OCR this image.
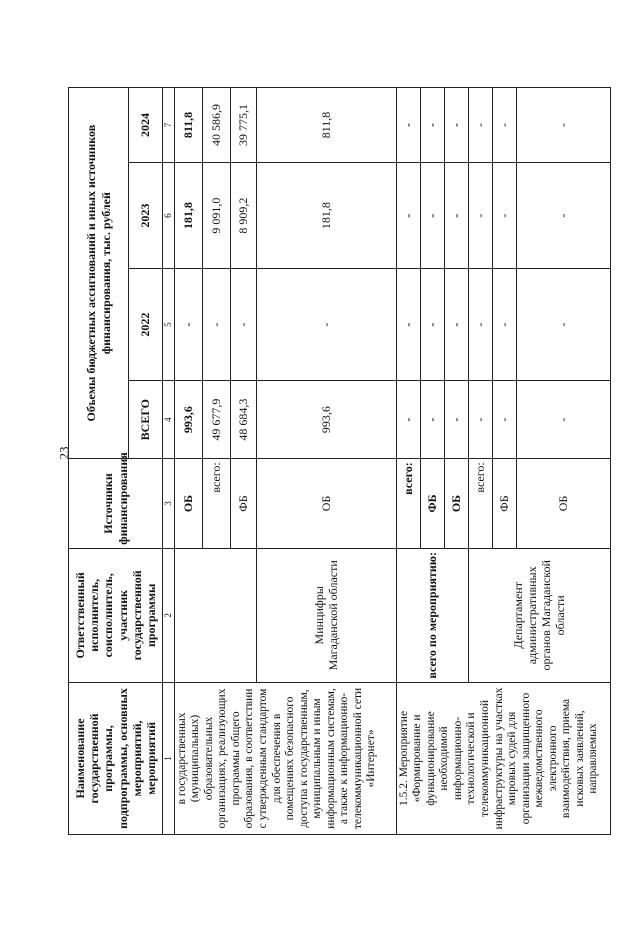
23
Наименование государственной программы, подпрограммы, основных мероприятий, мероприятий	Ответственный исполнитель, соисполнитель, участник государственной программы	Источники финансирования	Объемы бюджетных ассигнований и иных источников финансирования, тыс. рублей			
			ВСЕГО	2022	2023	2024
1	2	3	4	5	6	7
в государственных (муниципальных) образовательных организациях, реализующих программы общего образования, в соответствии с утвержденным стандартом для обеспечения в помещениях безопасного доступа к государственным, муниципальным и иным информационным системам, а также к информационно-телекоммуникационной сети «Интернет»		ОБ	993,6	-	181,8	811,8
		всего:	49 677,9	-	9 091,0	40 586,9
		ФБ	48 684,3	-	8 909,2	39 775,1
	Минцифры Магаданской области	ОБ	993,6	-	181,8	811,8
1.5.2. Мероприятие «Формирование и функционирование необходимой информационно-технологической и телекоммуникационной инфраструктуры на участках мировых судей для организации защищенного межведомственного электронного взаимодействия, приема исковых заявлений, направляемых	всего по мероприятию:	всего:	-	-	-	-
		ФБ	-	-	-	-
		ОБ	-	-	-	-
	Департамент административных органов Магаданской области	всего:	-	-	-	-
		ФБ	-	-	-	-
		ОБ	-	-	-	-
